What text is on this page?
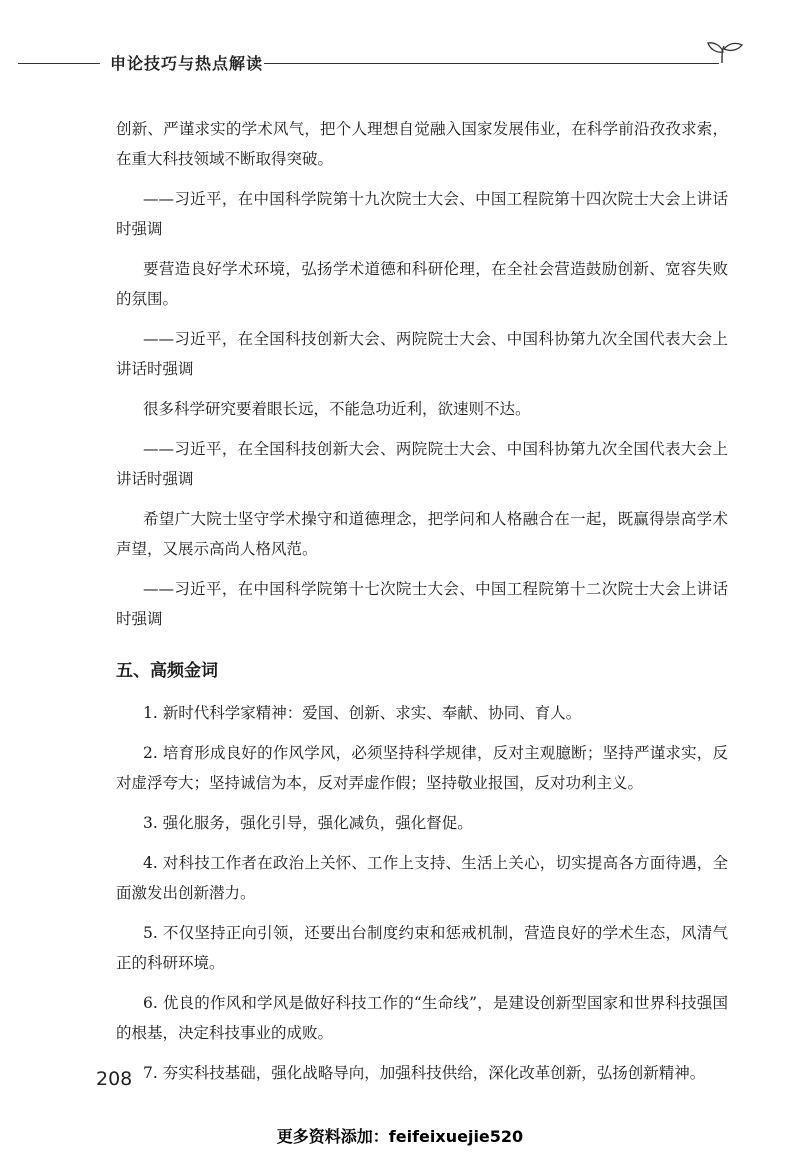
申论技巧与热点解读

创新、严谨求实的学术风气，把个人理想自觉融入国家发展伟业，在科学前沿孜孜求索，在重大科技领域不断取得突破。

——习近平，在中国科学院第十九次院士大会、中国工程院第十四次院士大会上讲话时强调

要营造良好学术环境，弘扬学术道德和科研伦理，在全社会营造鼓励创新、宽容失败的氛围。

——习近平，在全国科技创新大会、两院院士大会、中国科协第九次全国代表大会上讲话时强调

很多科学研究要着眼长远，不能急功近利，欲速则不达。

——习近平，在全国科技创新大会、两院院士大会、中国科协第九次全国代表大会上讲话时强调

希望广大院士坚守学术操守和道德理念，把学问和人格融合在一起，既赢得崇高学术声望，又展示高尚人格风范。

——习近平，在中国科学院第十七次院士大会、中国工程院第十二次院士大会上讲话时强调

五、高频金词

1. 新时代科学家精神：爱国、创新、求实、奉献、协同、育人。

2. 培育形成良好的作风学风，必须坚持科学规律，反对主观臆断；坚持严谨求实，反对虚浮夸大；坚持诚信为本，反对弄虚作假；坚持敬业报国，反对功利主义。

3. 强化服务，强化引导，强化减负，强化督促。

4. 对科技工作者在政治上关怀、工作上支持、生活上关心，切实提高各方面待遇，全面激发出创新潜力。

5. 不仅坚持正向引领，还要出台制度约束和惩戒机制，营造良好的学术生态，风清气正的科研环境。

6. 优良的作风和学风是做好科技工作的“生命线”，是建设创新型国家和世界科技强国的根基，决定科技事业的成败。

7. 夯实科技基础，强化战略导向，加强科技供给，深化改革创新，弘扬创新精神。

208
更多资料添加：feifeixuejie520
